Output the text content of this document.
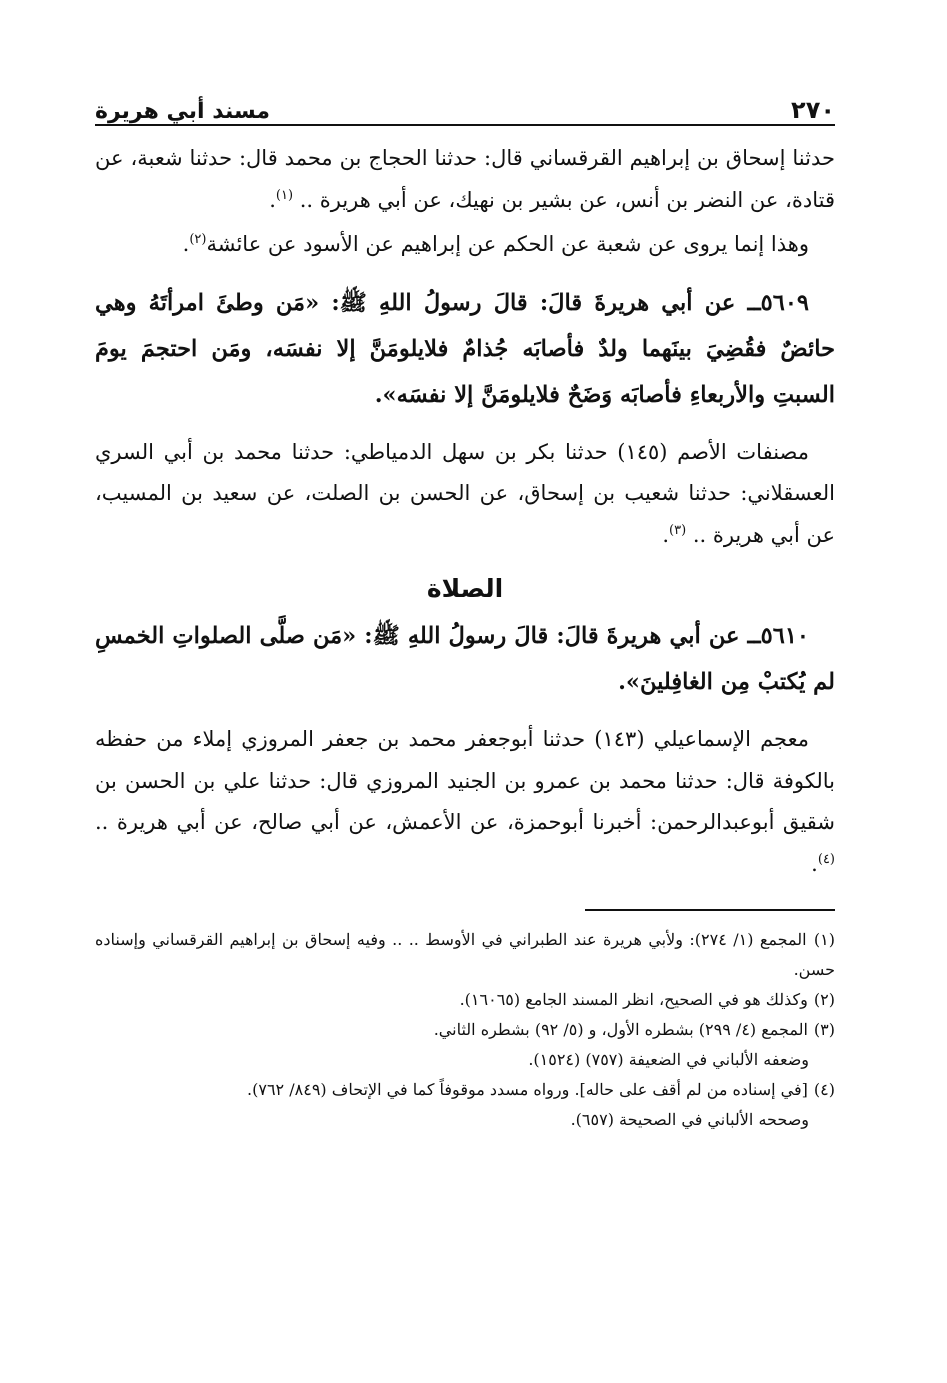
٢٧٠
مسند أبي هريرة

حدثنا إسحاق بن إبراهيم القرقساني قال: حدثنا الحجاج بن محمد قال: حدثنا شعبة، عن قتادة، عن النضر بن أنس، عن بشير بن نهيك، عن أبي هريرة .. $^{(١)}$.

وهذا إنما يروى عن شعبة عن الحكم عن إبراهيم عن الأسود عن عائشة$^{(٢)}$.

٥٦٠٩ــ عن أبي هريرةَ قالَ: قالَ رسولُ اللهِ ﷺ: «مَن وطئَ امرأتَهُ وهي حائضٌ فقُضِيَ بينَهما ولدٌ فأصابَه جُذامٌ فلايلومَنَّ إلا نفسَه، ومَن احتجمَ يومَ السبتِ والأربعاءِ فأصابَه وَضَحٌ فلايلومَنَّ إلا نفسَه».

مصنفات الأصم (١٤٥) حدثنا بكر بن سهل الدمياطي: حدثنا محمد بن أبي السري العسقلاني: حدثنا شعيب بن إسحاق، عن الحسن بن الصلت، عن سعيد بن المسيب، عن أبي هريرة .. $^{(٣)}$.

الصلاة

٥٦١٠ــ عن أبي هريرةَ قالَ: قالَ رسولُ اللهِ ﷺ: «مَن صلَّى الصلواتِ الخمسِ لم يُكتبْ مِن الغافِلينَ».

معجم الإسماعيلي (١٤٣) حدثنا أبوجعفر محمد بن جعفر المروزي إملاء من حفظه بالكوفة قال: حدثنا محمد بن عمرو بن الجنيد المروزي قال: حدثنا علي بن الحسن بن شقيق أبوعبدالرحمن: أخبرنا أبوحمزة، عن الأعمش، عن أبي صالح، عن أبي هريرة .. $^{(٤)}$.

(١) المجمع (١/ ٢٧٤): ولأبي هريرة عند الطبراني في الأوسط .. .. وفيه إسحاق بن إبراهيم القرقساني وإسناده حسن.
(٢) وكذلك هو في الصحيح، انظر المسند الجامع (١٦٠٦٥).
(٣) المجمع (٤/ ٢٩٩) بشطره الأول، و (٥/ ٩٢) بشطره الثاني.
وضعفه الألباني في الضعيفة (٧٥٧) (١٥٢٤).
(٤) [في إسناده من لم أقف على حاله]. ورواه مسدد موقوفاً كما في الإتحاف (٨٤٩/ ٧٦٢).
وصححه الألباني في الصحيحة (٦٥٧).
